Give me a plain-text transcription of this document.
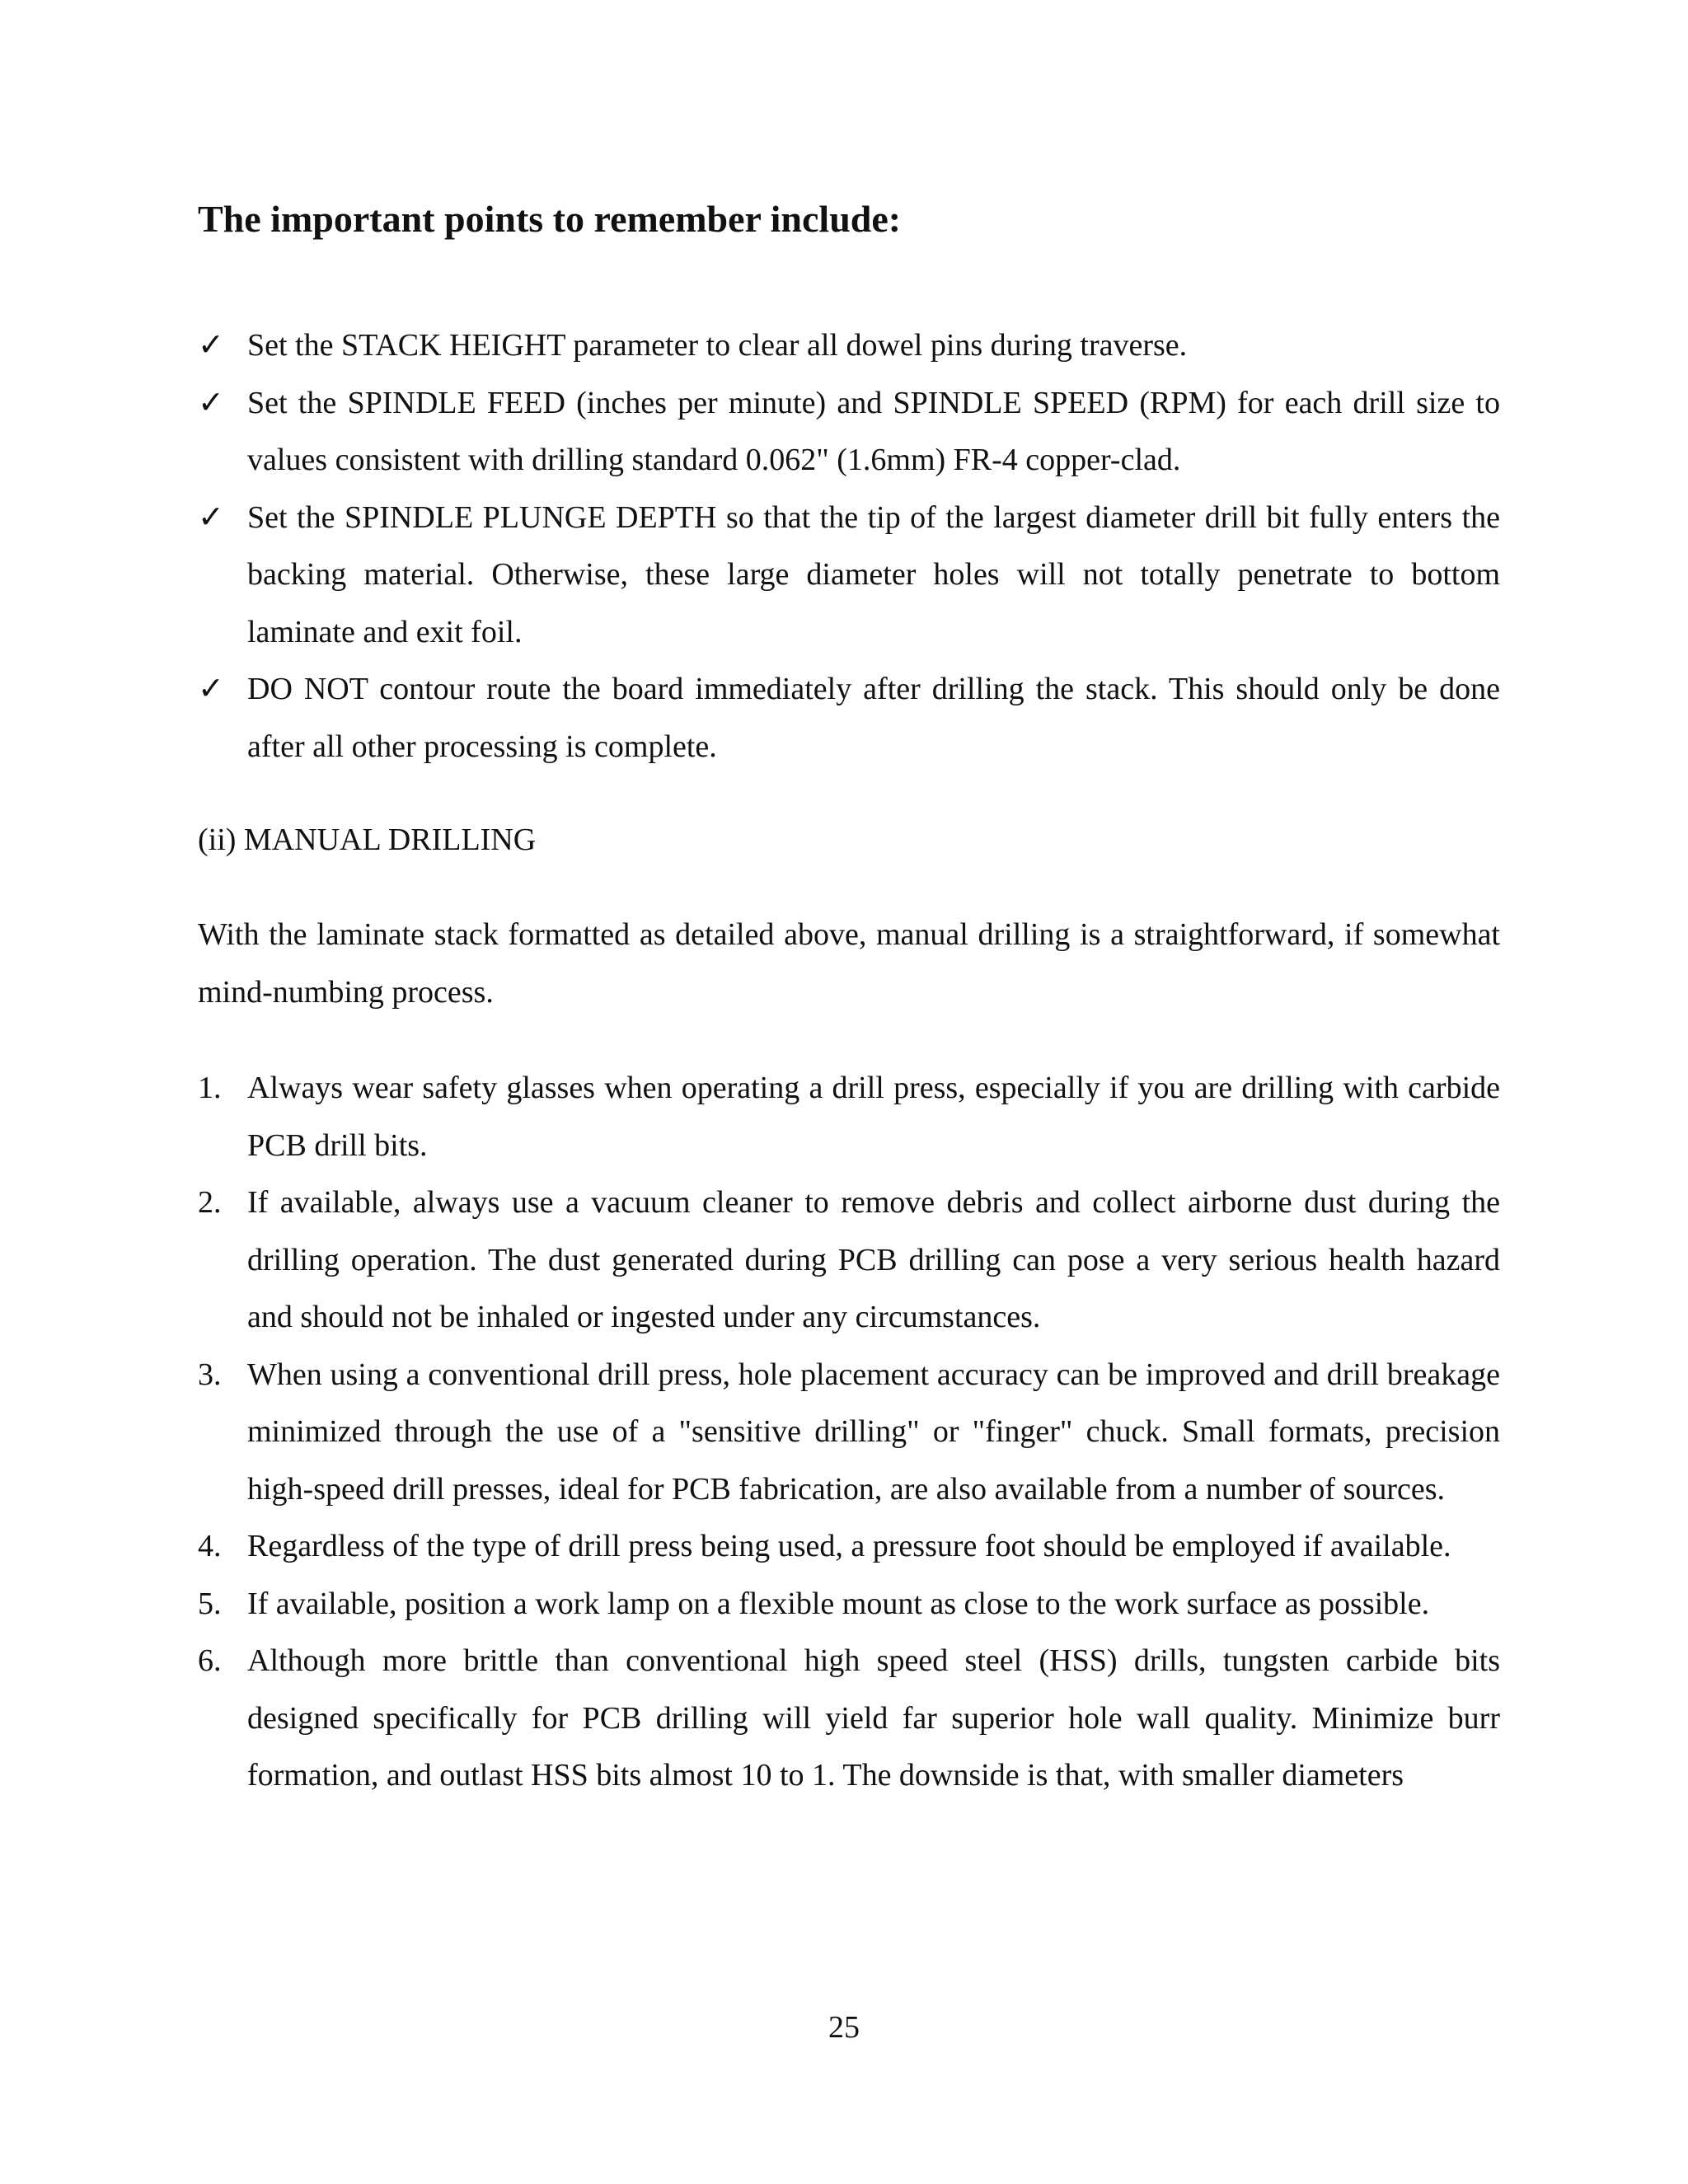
The important points to remember include:
✓ Set the STACK HEIGHT parameter to clear all dowel pins during traverse.
✓ Set the SPINDLE FEED (inches per minute) and SPINDLE SPEED (RPM) for each drill size to values consistent with drilling standard 0.062" (1.6mm) FR-4 copper-clad.
✓ Set the SPINDLE PLUNGE DEPTH so that the tip of the largest diameter drill bit fully enters the backing material. Otherwise, these large diameter holes will not totally penetrate to bottom laminate and exit foil.
✓ DO NOT contour route the board immediately after drilling the stack. This should only be done after all other processing is complete.
(ii) MANUAL DRILLING
With the laminate stack formatted as detailed above, manual drilling is a straightforward, if somewhat mind-numbing process.
1. Always wear safety glasses when operating a drill press, especially if you are drilling with carbide PCB drill bits.
2. If available, always use a vacuum cleaner to remove debris and collect airborne dust during the drilling operation. The dust generated during PCB drilling can pose a very serious health hazard and should not be inhaled or ingested under any circumstances.
3. When using a conventional drill press, hole placement accuracy can be improved and drill breakage minimized through the use of a "sensitive drilling" or "finger" chuck. Small formats, precision high-speed drill presses, ideal for PCB fabrication, are also available from a number of sources.
4. Regardless of the type of drill press being used, a pressure foot should be employed if available.
5. If available, position a work lamp on a flexible mount as close to the work surface as possible.
6. Although more brittle than conventional high speed steel (HSS) drills, tungsten carbide bits designed specifically for PCB drilling will yield far superior hole wall quality. Minimize burr formation, and outlast HSS bits almost 10 to 1. The downside is that, with smaller diameters
25
